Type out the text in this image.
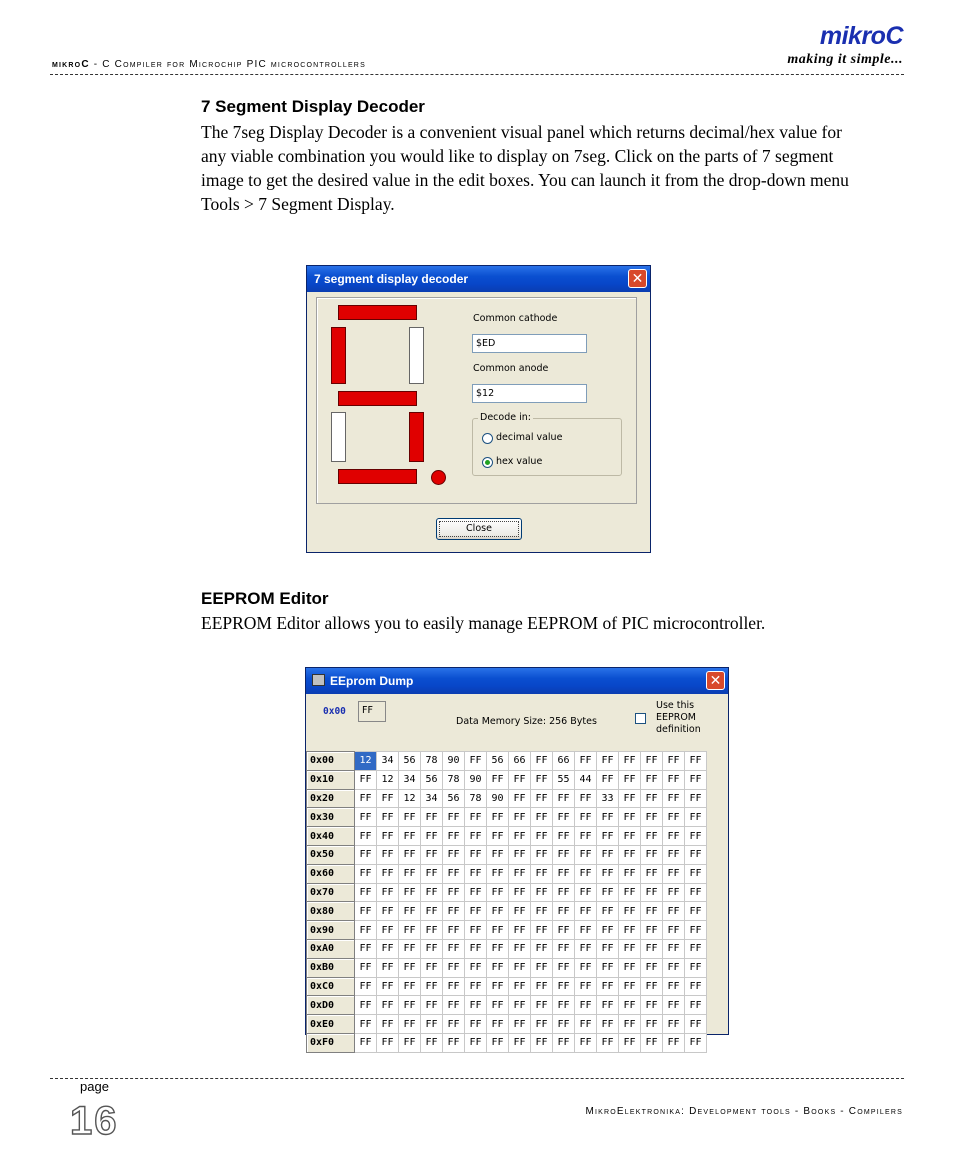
mikroC - C Compiler for Microchip PIC microcontrollers
mikroC
making it simple...
7 Segment Display Decoder
The 7seg Display Decoder is a convenient visual panel which returns decimal/hex value for any viable combination you would like to display on 7seg. Click on the parts of 7 segment image to get the desired value in the edit boxes. You can launch it from the drop-down menu Tools > 7 Segment Display.
7 segment display decoder	✕
Common cathode
$ED
Common anode
$12
Decode in:
decimal value
hex value
Close
EEPROM Editor
EEPROM Editor allows you to easily manage EEPROM of PIC microcontroller.
EEprom Dump	✕
0x00	FF
Data Memory Size: 256 Bytes
Use this
EEPROM
definition
0x00	12	34	56	78	90	FF	56	66	FF	66	FF	FF	FF	FF	FF	FF
0x10	FF	12	34	56	78	90	FF	FF	FF	55	44	FF	FF	FF	FF	FF
0x20	FF	FF	12	34	56	78	90	FF	FF	FF	FF	33	FF	FF	FF	FF
0x30	FF	FF	FF	FF	FF	FF	FF	FF	FF	FF	FF	FF	FF	FF	FF	FF
0x40	FF	FF	FF	FF	FF	FF	FF	FF	FF	FF	FF	FF	FF	FF	FF	FF
0x50	FF	FF	FF	FF	FF	FF	FF	FF	FF	FF	FF	FF	FF	FF	FF	FF
0x60	FF	FF	FF	FF	FF	FF	FF	FF	FF	FF	FF	FF	FF	FF	FF	FF
0x70	FF	FF	FF	FF	FF	FF	FF	FF	FF	FF	FF	FF	FF	FF	FF	FF
0x80	FF	FF	FF	FF	FF	FF	FF	FF	FF	FF	FF	FF	FF	FF	FF	FF
0x90	FF	FF	FF	FF	FF	FF	FF	FF	FF	FF	FF	FF	FF	FF	FF	FF
0xA0	FF	FF	FF	FF	FF	FF	FF	FF	FF	FF	FF	FF	FF	FF	FF	FF
0xB0	FF	FF	FF	FF	FF	FF	FF	FF	FF	FF	FF	FF	FF	FF	FF	FF
0xC0	FF	FF	FF	FF	FF	FF	FF	FF	FF	FF	FF	FF	FF	FF	FF	FF
0xD0	FF	FF	FF	FF	FF	FF	FF	FF	FF	FF	FF	FF	FF	FF	FF	FF
0xE0	FF	FF	FF	FF	FF	FF	FF	FF	FF	FF	FF	FF	FF	FF	FF	FF
0xF0	FF	FF	FF	FF	FF	FF	FF	FF	FF	FF	FF	FF	FF	FF	FF	FF
page
16	MikroElektronika: Development tools - Books - Compilers
